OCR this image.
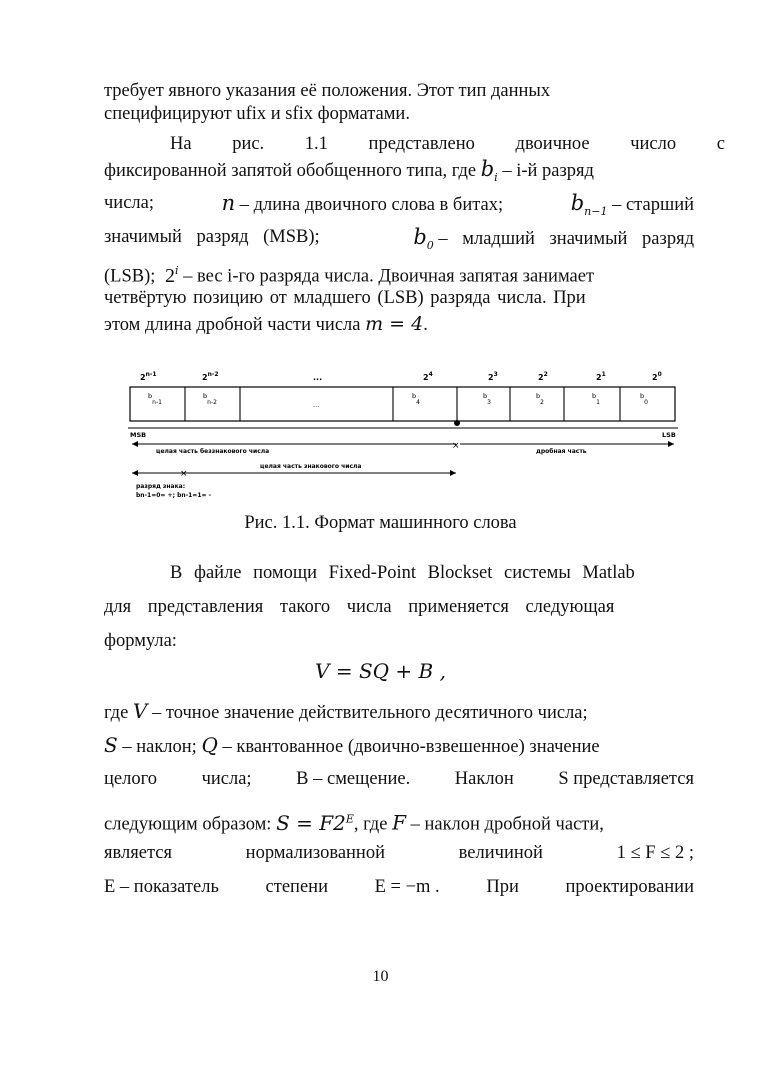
требует явного указания её положения. Этот тип данных
специфицируют ufix и sfix форматами.
На рис. 1.1 представлено двоичное число с
фиксированной запятой обобщенного типа, где $b_i - i-й$ разряд
числа;	n – длина двоичного слова в битах;	$b_{n-1}$ – старший
значимый разряд (MSB);	$b_0$ – младший значимый разряд
(LSB);  2$^i$ – вес i-го разряда числа. Двоичная запятая занимает
четвёртую позицию от младшего (LSB) разряда числа. При
этом длина дробной части числа m = 4.
2$^{n-1}$	2$^{n-2}$	...	$2^4$	$2^3$	$2^2$	$2^1$	$2^0$
bn-1
bn-2	...
b4
b3
b2
b1
b0
MSB	LSB
×
целая часть беззнакового числа	дробная часть
×
целая часть знакового числа
разряд знака:
bn-1=0= +; bn-1=1= -
Рис. 1.1. Формат машинного слова
В файле помощи Fixed-Point Blockset системы Matlab
для представления такого числа применяется следующая
формула:
V = SQ + B ,
где V – точное значение действительного десятичного числа;
S – наклон; Q – квантованное (двоично-взвешенное) значение
целого числа; B – смещение. Наклон S представляется
следующим образом: $S = F2^E$, где F – наклон дробной части,
является	нормализованной	величиной	1 ≤ F ≤ 2 ;
E – показатель	степени	E = −m .	При	проектировании
10
